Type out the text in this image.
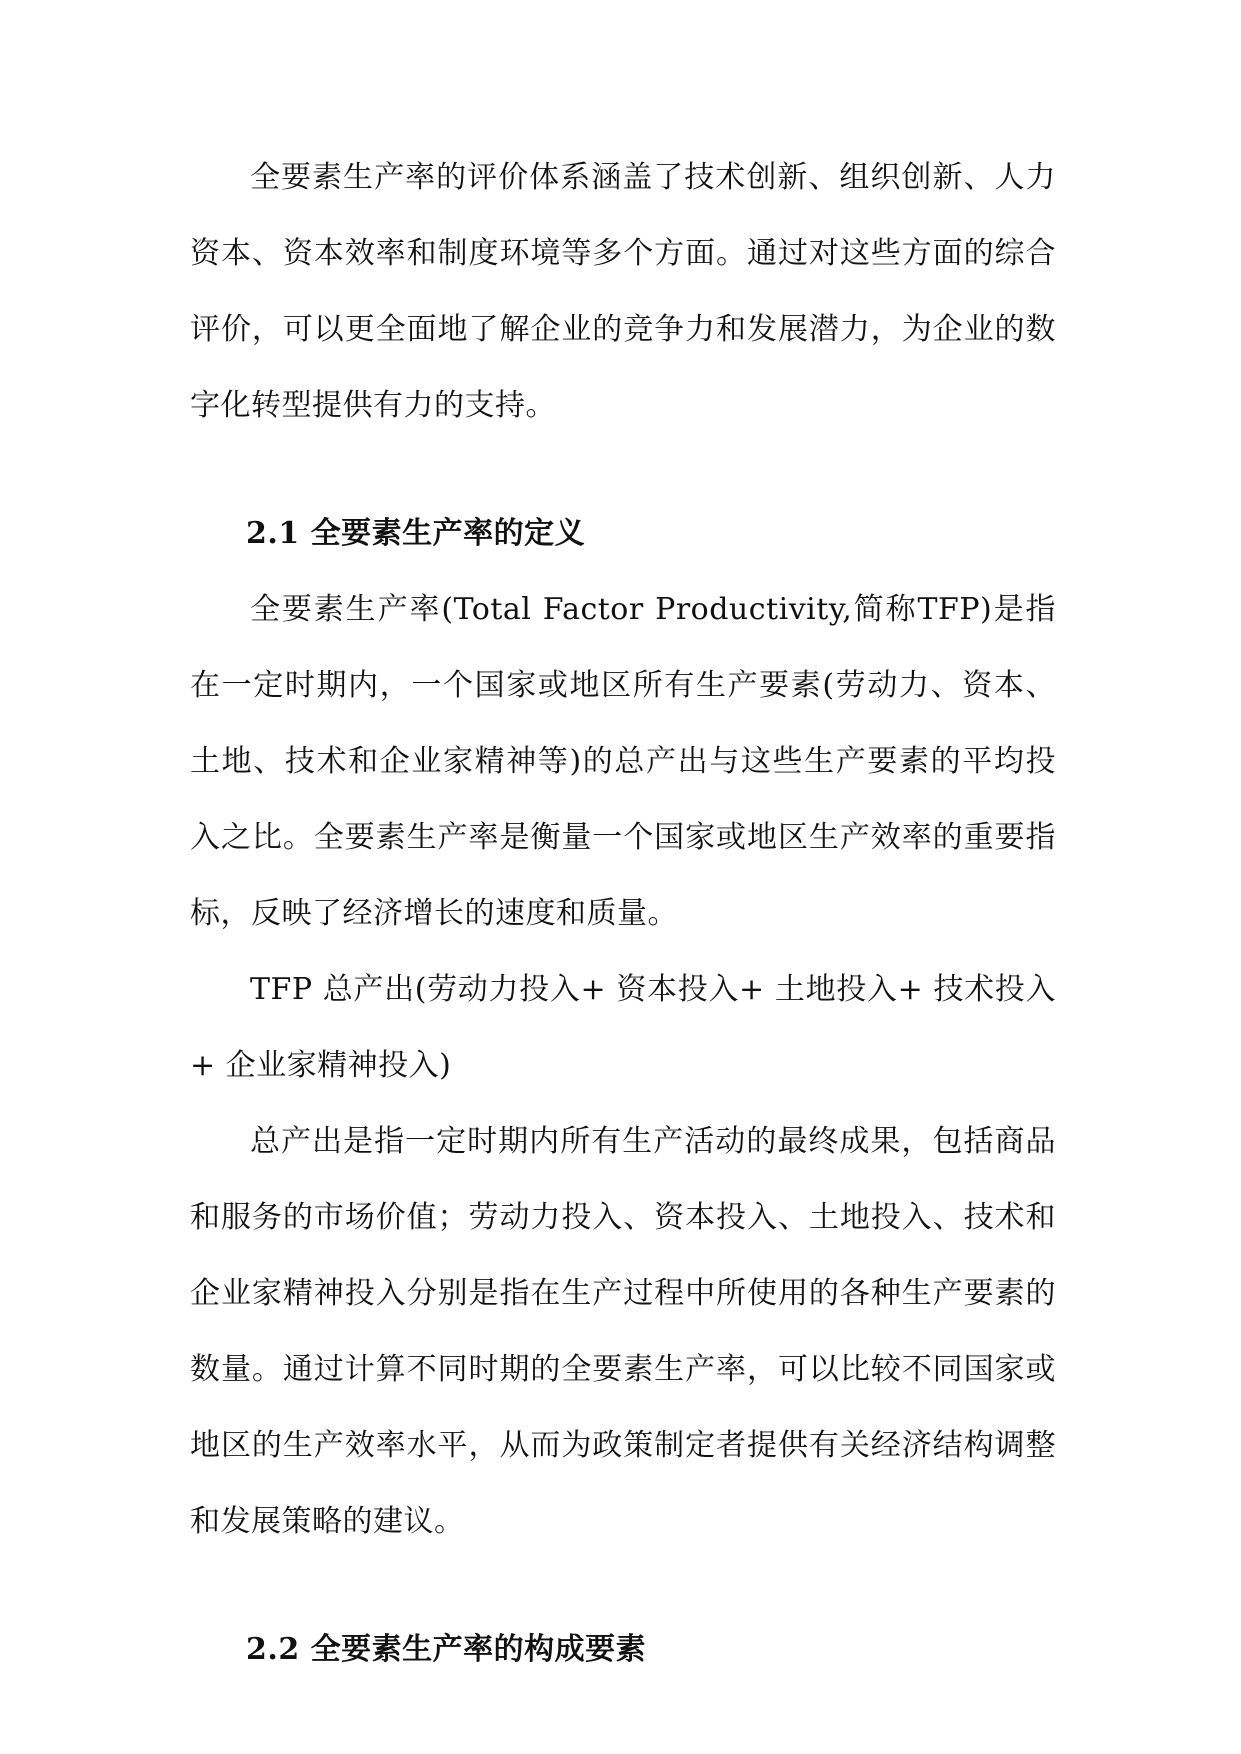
全要素生产率的评价体系涵盖了技术创新、组织创新、人力资本、资本效率和制度环境等多个方面。通过对这些方面的综合评价，可以更全面地了解企业的竞争力和发展潜力，为企业的数字化转型提供有力的支持。

2.1 全要素生产率的定义

全要素生产率(Total Factor Productivity,简称TFP)是指在一定时期内，一个国家或地区所有生产要素(劳动力、资本、土地、技术和企业家精神等)的总产出与这些生产要素的平均投入之比。全要素生产率是衡量一个国家或地区生产效率的重要指标，反映了经济增长的速度和质量。

TFP 总产出(劳动力投入+ 资本投入+ 土地投入+ 技术投入+ 企业家精神投入)

总产出是指一定时期内所有生产活动的最终成果，包括商品和服务的市场价值；劳动力投入、资本投入、土地投入、技术和企业家精神投入分别是指在生产过程中所使用的各种生产要素的数量。通过计算不同时期的全要素生产率，可以比较不同国家或地区的生产效率水平，从而为政策制定者提供有关经济结构调整和发展策略的建议。

2.2 全要素生产率的构成要素
